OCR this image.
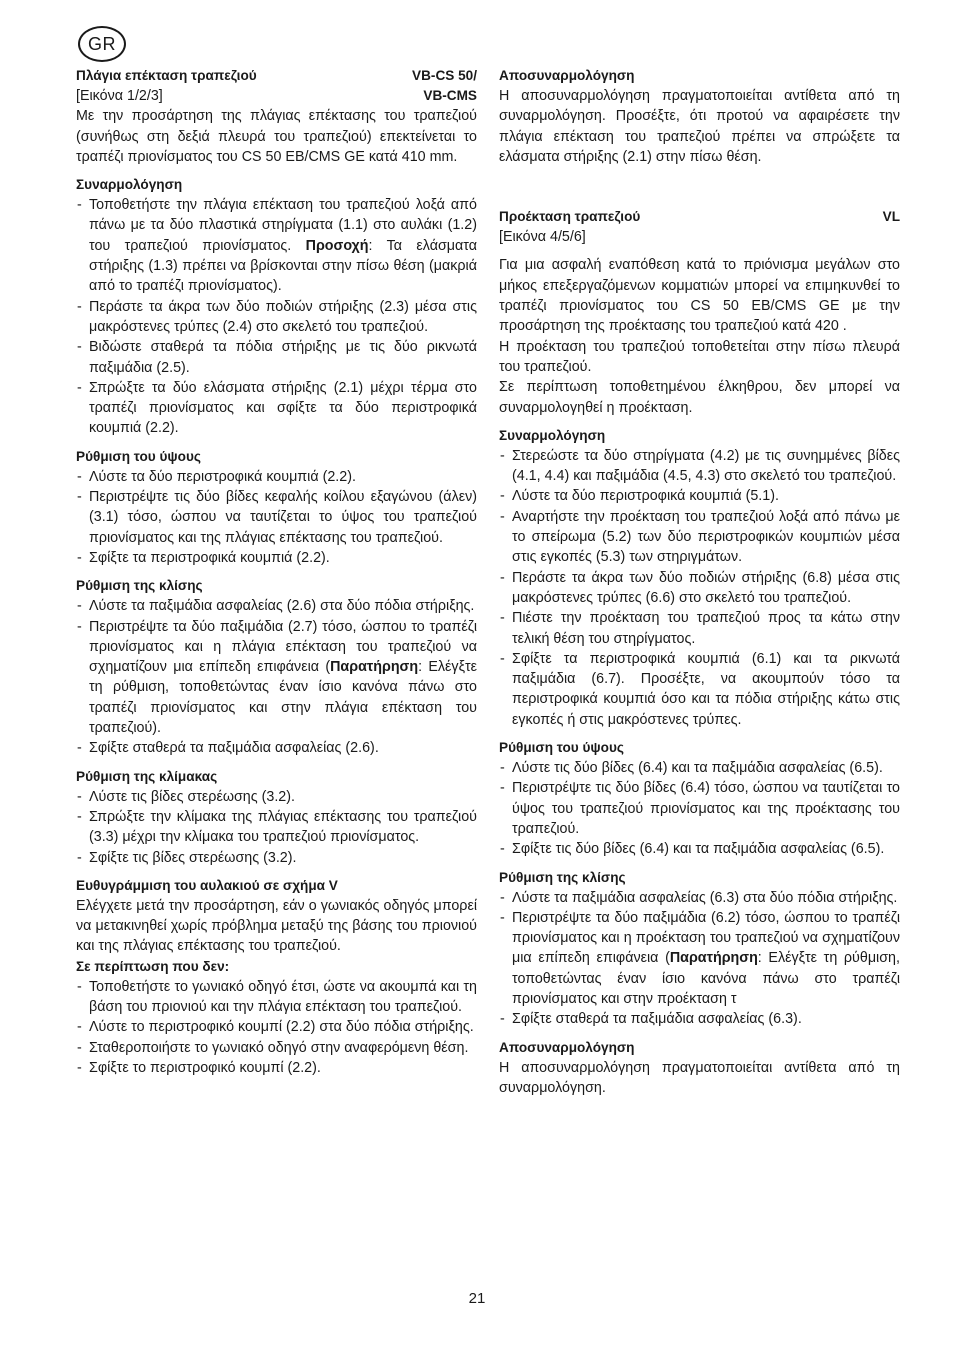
GR
Πλάγια επέκταση τραπεζιού	VB-CS 50/
[Εικόνα 1/2/3]	VB-CMS

Με την προσάρτηση της πλάγιας επέκτασης του τραπεζιού (συνήθως στη δεξιά πλευρά του τραπεζιού) επεκτείνεται το τραπέζι πριονίσματος του CS 50 EB/CMS GE κατά 410 mm.

Συναρμολόγηση
- Τοποθετήστε την πλάγια επέκταση του τραπεζιού λοξά από πάνω με τα δύο πλαστικά στηρίγματα (1.1) στο αυλάκι (1.2) του τραπεζιού πριονίσματος. Προσοχή: Τα ελάσματα στήριξης (1.3) πρέπει να βρίσκονται στην πίσω θέση (μακριά από το τραπέζι πριονίσματος).
- Περάστε τα άκρα των δύο ποδιών στήριξης (2.3) μέσα στις μακρόστενες τρύπες (2.4) στο σκελετό του τραπεζιού.
- Βιδώστε σταθερά τα πόδια στήριξης με τις δύο ρικνωτά παξιμάδια (2.5).
- Σπρώξτε τα δύο ελάσματα στήριξης (2.1) μέχρι τέρμα στο τραπέζι πριονίσματος και σφίξτε τα δύο περιστροφικά κουμπιά (2.2).
Ρύθμιση του ύψους
- Λύστε τα δύο περιστροφικά κουμπιά (2.2).
- Περιστρέψτε τις δύο βίδες κεφαλής κοίλου εξαγώνου (άλεν) (3.1) τόσο, ώσπου να ταυτίζεται το ύψος του τραπεζιού πριονίσματος και της πλάγιας επέκτασης του τραπεζιού.
- Σφίξτε τα περιστροφικά κουμπιά (2.2).
Ρύθμιση της κλίσης
- Λύστε τα παξιμάδια ασφαλείας (2.6) στα δύο πόδια στήριξης.
- Περιστρέψτε τα δύο παξιμάδια (2.7) τόσο, ώσπου το τραπέζι πριονίσματος και η πλάγια επέκταση του τραπεζιού να σχηματίζουν μια επίπεδη επιφάνεια (Παρατήρηση: Ελέγξτε τη ρύθμιση, τοποθετώντας έναν ίσιο κανόνα πάνω στο τραπέζι πριονίσματος και στην πλάγια επέκταση του τραπεζιού).
- Σφίξτε σταθερά τα παξιμάδια ασφαλείας (2.6).
Ρύθμιση της κλίμακας
- Λύστε τις βίδες στερέωσης (3.2).
- Σπρώξτε την κλίμακα της πλάγιας επέκτασης του τραπεζιού (3.3) μέχρι την κλίμακα του τραπεζιού πριονίσματος.
- Σφίξτε τις βίδες στερέωσης (3.2).
Ευθυγράμμιση του αυλακιού σε σχήμα V

Ελέγχετε μετά την προσάρτηση, εάν ο γωνιακός οδηγός μπορεί να μετακινηθεί χωρίς πρόβλημα μεταξύ της βάσης του πριονιού και της πλάγιας επέκτασης του τραπεζιού.

Σε περίπτωση που δεν:
- Τοποθετήστε το γωνιακό οδηγό έτσι, ώστε να ακουμπά και τη βάση του πριονιού και την πλάγια επέκταση του τραπεζιού.
- Λύστε το περιστροφικό κουμπί (2.2) στα δύο πόδια στήριξης.
- Σταθεροποιήστε το γωνιακό οδηγό στην αναφερόμενη θέση.
- Σφίξτε το περιστροφικό κουμπί (2.2).
Αποσυναρμολόγηση

Η αποσυναρμολόγηση πραγματοποιείται αντίθετα από τη συναρμολόγηση. Προσέξτε, ότι προτού να αφαιρέσετε την πλάγια επέκταση του τραπεζιού πρέπει να σπρώξετε τα ελάσματα στήριξης (2.1) στην πίσω θέση.

Προέκταση τραπεζιού	VL
[Εικόνα 4/5/6]

Για μια ασφαλή εναπόθεση κατά το πριόνισμα μεγάλων στο μήκος επεξεργαζόμενων κομματιών μπορεί να επιμηκυνθεί το τραπέζι πριονίσματος του CS 50 EB/CMS GE με την προσάρτηση της προέκτασης του τραπεζιού κατά 420 .

Η προέκταση του τραπεζιού τοποθετείται στην πίσω πλευρά του τραπεζιού.

Σε περίπτωση τοποθετημένου έλκηθρου, δεν μπορεί να συναρμολογηθεί η προέκταση.

Συναρμολόγηση
- Στερεώστε τα δύο στηρίγματα (4.2) με τις συνημμένες βίδες (4.1, 4.4) και παξιμάδια (4.5, 4.3) στο σκελετό του τραπεζιού.
- Λύστε τα δύο περιστροφικά κουμπιά (5.1).
- Αναρτήστε την προέκταση του τραπεζιού λοξά από πάνω με το σπείρωμα (5.2) των δύο περιστροφικών κουμπιών μέσα στις εγκοπές (5.3) των στηριγμάτων.
- Περάστε τα άκρα των δύο ποδιών στήριξης (6.8) μέσα στις μακρόστενες τρύπες (6.6) στο σκελετό του τραπεζιού.
- Πιέστε την προέκταση του τραπεζιού προς τα κάτω στην τελική θέση του στηρίγματος.
- Σφίξτε τα περιστροφικά κουμπιά (6.1) και τα ρικνωτά παξιμάδια (6.7). Προσέξτε, να ακουμπούν τόσο τα περιστροφικά κουμπιά όσο και τα πόδια στήριξης κάτω στις εγκοπές ή στις μακρόστενες τρύπες.
Ρύθμιση του ύψους
- Λύστε τις δύο βίδες (6.4) και τα παξιμάδια ασφαλείας (6.5).
- Περιστρέψτε τις δύο βίδες (6.4) τόσο, ώσπου να ταυτίζεται το ύψος του τραπεζιού πριονίσματος και της προέκτασης του τραπεζιού.
- Σφίξτε τις δύο βίδες (6.4) και τα παξιμάδια ασφαλείας (6.5).
Ρύθμιση της κλίσης
- Λύστε τα παξιμάδια ασφαλείας (6.3) στα δύο πόδια στήριξης.
- Περιστρέψτε τα δύο παξιμάδια (6.2) τόσο, ώσπου το τραπέζι πριονίσματος και η προέκταση του τραπεζιού να σχηματίζουν μια επίπεδη επιφάνεια (Παρατήρηση: Ελέγξτε τη ρύθμιση, τοποθετώντας έναν ίσιο κανόνα πάνω στο τραπέζι πριονίσματος και στην προέκταση τ
- Σφίξτε σταθερά τα παξιμάδια ασφαλείας (6.3).
Αποσυναρμολόγηση

Η αποσυναρμολόγηση πραγματοποιείται αντίθετα από τη συναρμολόγηση.

21
